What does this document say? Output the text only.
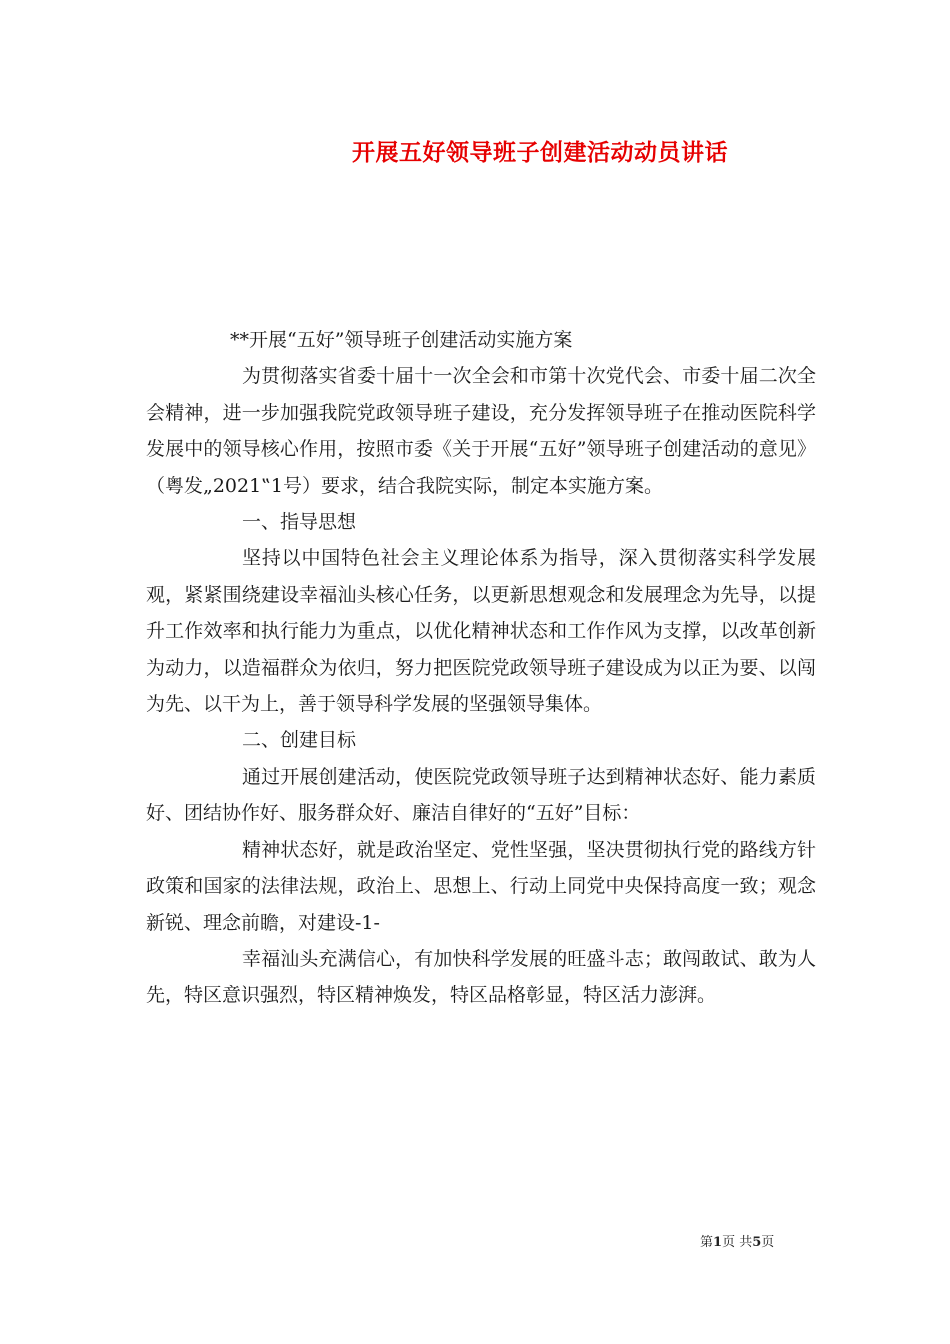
开展五好领导班子创建活动动员讲话

**开展“五好”领导班子创建活动实施方案

为贯彻落实省委十届十一次全会和市第十次党代会、市委十届二次全会精神，进一步加强我院党政领导班子建设，充分发挥领导班子在推动医院科学发展中的领导核心作用，按照市委《关于开展“五好”领导班子创建活动的意见》（粤发„2021‟1号）要求，结合我院实际，制定本实施方案。

一、指导思想

坚持以中国特色社会主义理论体系为指导，深入贯彻落实科学发展观，紧紧围绕建设幸福汕头核心任务，以更新思想观念和发展理念为先导，以提升工作效率和执行能力为重点，以优化精神状态和工作作风为支撑，以改革创新为动力，以造福群众为依归，努力把医院党政领导班子建设成为以正为要、以闯为先、以干为上，善于领导科学发展的坚强领导集体。

二、创建目标

通过开展创建活动，使医院党政领导班子达到精神状态好、能力素质好、团结协作好、服务群众好、廉洁自律好的“五好”目标：

精神状态好，就是政治坚定、党性坚强，坚决贯彻执行党的路线方针政策和国家的法律法规，政治上、思想上、行动上同党中央保持高度一致；观念新锐、理念前瞻，对建设-1-

幸福汕头充满信心，有加快科学发展的旺盛斗志；敢闯敢试、敢为人先，特区意识强烈，特区精神焕发，特区品格彰显，特区活力澎湃。

第1页 共5页
